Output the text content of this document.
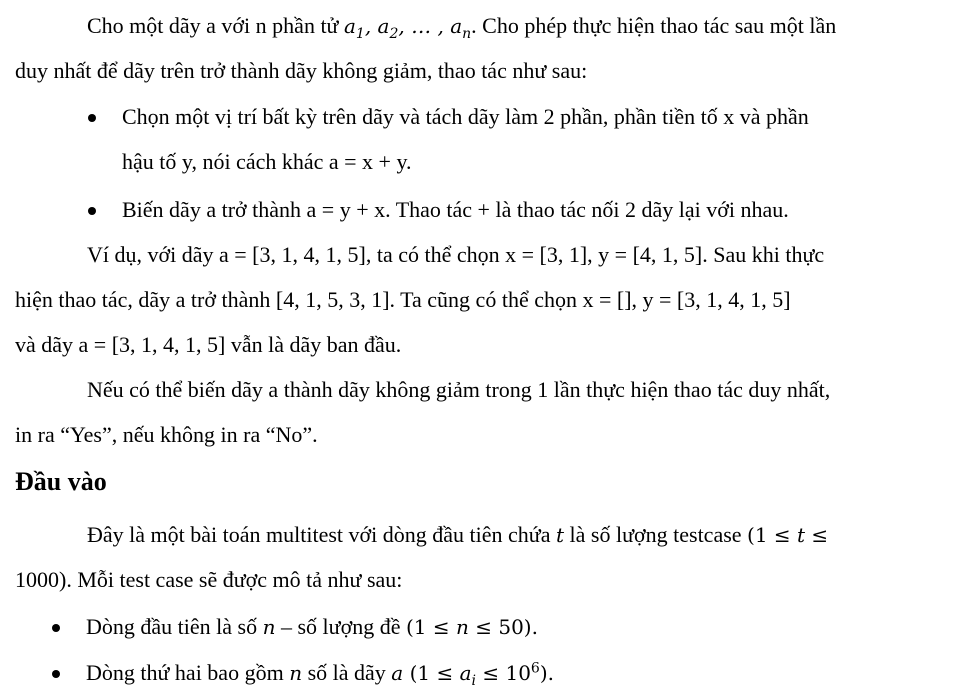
Cho một dãy a với n phần tử $a_1$, $a_2$, … , $a_n$. Cho phép thực hiện thao tác sau một lần
duy nhất để dãy trên trở thành dãy không giảm, thao tác như sau:
Chọn một vị trí bất kỳ trên dãy và tách dãy làm 2 phần, phần tiền tố x và phần
hậu tố y, nói cách khác a = x + y.
Biến dãy a trở thành a = y + x. Thao tác + là thao tác nối 2 dãy lại với nhau.
Ví dụ, với dãy a = [3, 1, 4, 1, 5], ta có thể chọn x = [3, 1], y = [4, 1, 5]. Sau khi thực
hiện thao tác, dãy a trở thành [4, 1, 5, 3, 1]. Ta cũng có thể chọn x = [], y = [3, 1, 4, 1, 5]
và dãy a = [3, 1, 4, 1, 5] vẫn là dãy ban đầu.
Nếu có thể biến dãy a thành dãy không giảm trong 1 lần thực hiện thao tác duy nhất,
in ra “Yes”, nếu không in ra “No”.
Đầu vào
Đây là một bài toán multitest với dòng đầu tiên chứa t là số lượng testcase (1 ≤ t ≤
1000). Mỗi test case sẽ được mô tả như sau:
Dòng đầu tiên là số n – số lượng đề (1 ≤ n ≤ 50).
Dòng thứ hai bao gồm n số là dãy a $(1 \le a_i \le 10^6)$.
